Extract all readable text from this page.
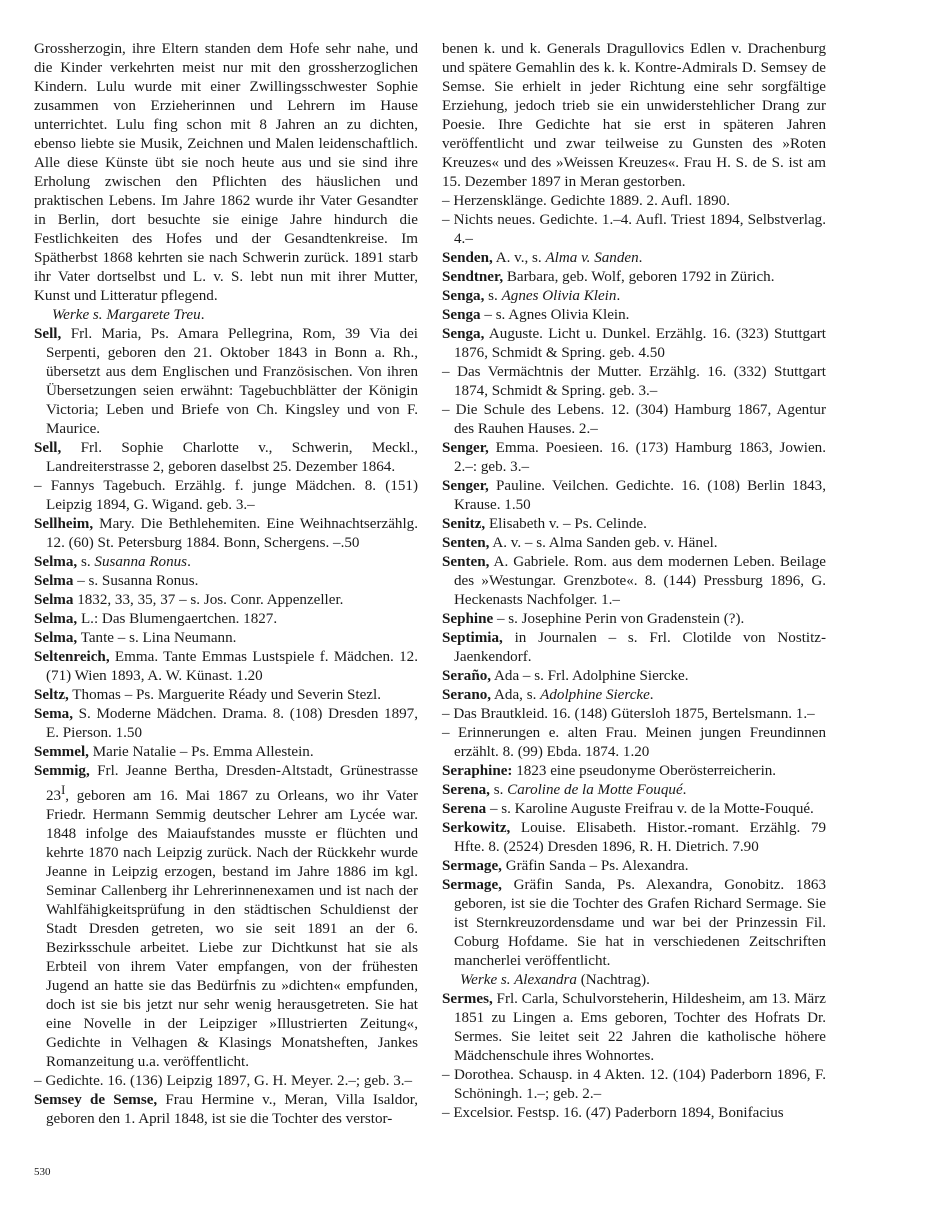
Grossherzogin, ihre Eltern standen dem Hofe sehr nahe, und die Kinder verkehrten meist nur mit den grossherzoglichen Kindern. Lulu wurde mit einer Zwillingsschwester Sophie zusammen von Erzieherinnen und Lehrern im Hause unterrichtet. Lulu fing schon mit 8 Jahren an zu dichten, ebenso liebte sie Musik, Zeichnen und Malen leidenschaftlich. Alle diese Künste übt sie noch heute aus und sie sind ihre Erholung zwischen den Pflichten des häuslichen und praktischen Lebens. Im Jahre 1862 wurde ihr Vater Gesandter in Berlin, dort besuchte sie einige Jahre hindurch die Festlichkeiten des Hofes und der Gesandtenkreise. Im Spätherbst 1868 kehrten sie nach Schwerin zurück. 1891 starb ihr Vater dortselbst und L. v. S. lebt nun mit ihrer Mutter, Kunst und Litteratur pflegend.

Werke s. Margarete Treu.

Sell, Frl. Maria, Ps. Amara Pellegrina, Rom, 39 Via dei Serpenti, geboren den 21. Oktober 1843 in Bonn a. Rh., übersetzt aus dem Englischen und Französischen. Von ihren Übersetzungen seien erwähnt: Tagebuchblätter der Königin Victoria; Leben und Briefe von Ch. Kingsley und von F. Maurice.

Sell, Frl. Sophie Charlotte v., Schwerin, Meckl., Landreiterstrasse 2, geboren daselbst 25. Dezember 1864.

– Fannys Tagebuch. Erzählg. f. junge Mädchen. 8. (151) Leipzig 1894, G. Wigand. geb. 3.–

Sellheim, Mary. Die Bethlehemiten. Eine Weihnachtserzählg. 12. (60) St. Petersburg 1884. Bonn, Schergens. –.50

Selma, s. Susanna Ronus.

Selma – s. Susanna Ronus.

Selma 1832, 33, 35, 37 – s. Jos. Conr. Appenzeller.

Selma, L.: Das Blumengaertchen. 1827.

Selma, Tante – s. Lina Neumann.

Seltenreich, Emma. Tante Emmas Lustspiele f. Mädchen. 12. (71) Wien 1893, A. W. Künast. 1.20

Seltz, Thomas – Ps. Marguerite Réady und Severin Stezl.

Sema, S. Moderne Mädchen. Drama. 8. (108) Dresden 1897, E. Pierson. 1.50

Semmel, Marie Natalie – Ps. Emma Allestein.

Semmig, Frl. Jeanne Bertha, Dresden-Altstadt, Grünestrasse $23^I$, geboren am 16. Mai 1867 zu Orleans, wo ihr Vater Friedr. Hermann Semmig deutscher Lehrer am Lycée war. 1848 infolge des Maiaufstandes musste er flüchten und kehrte 1870 nach Leipzig zurück. Nach der Rückkehr wurde Jeanne in Leipzig erzogen, bestand im Jahre 1886 im kgl. Seminar Callenberg ihr Lehrerinnenexamen und ist nach der Wahlfähigkeitsprüfung in den städtischen Schuldienst der Stadt Dresden getreten, wo sie seit 1891 an der 6. Bezirksschule arbeitet. Liebe zur Dichtkunst hat sie als Erbteil von ihrem Vater empfangen, von der frühesten Jugend an hatte sie das Bedürfnis zu »dichten« empfunden, doch ist sie bis jetzt nur sehr wenig herausgetreten. Sie hat eine Novelle in der Leipziger »Illustrierten Zeitung«, Gedichte in Velhagen & Klasings Monatsheften, Jankes Romanzeitung u.a. veröffentlicht.

– Gedichte. 16. (136) Leipzig 1897, G. H. Meyer. 2.–; geb. 3.–

Semsey de Semse, Frau Hermine v., Meran, Villa Isaldor, geboren den 1. April 1848, ist sie die Tochter des verstor-

benen k. und k. Generals Dragullovics Edlen v. Drachenburg und spätere Gemahlin des k. k. Kontre-Admirals D. Semsey de Semse. Sie erhielt in jeder Richtung eine sehr sorgfältige Erziehung, jedoch trieb sie ein unwiderstehlicher Drang zur Poesie. Ihre Gedichte hat sie erst in späteren Jahren veröffentlicht und zwar teilweise zu Gunsten des »Roten Kreuzes« und des »Weissen Kreuzes«. Frau H. S. de S. ist am 15. Dezember 1897 in Meran gestorben.

– Herzensklänge. Gedichte 1889. 2. Aufl. 1890.

– Nichts neues. Gedichte. 1.–4. Aufl. Triest 1894, Selbstverlag. 4.–

Senden, A. v., s. Alma v. Sanden.

Sendtner, Barbara, geb. Wolf, geboren 1792 in Zürich.

Senga, s. Agnes Olivia Klein.

Senga – s. Agnes Olivia Klein.

Senga, Auguste. Licht u. Dunkel. Erzählg. 16. (323) Stuttgart 1876, Schmidt & Spring. geb. 4.50

– Das Vermächtnis der Mutter. Erzählg. 16. (332) Stuttgart 1874, Schmidt & Spring. geb. 3.–

– Die Schule des Lebens. 12. (304) Hamburg 1867, Agentur des Rauhen Hauses. 2.–

Senger, Emma. Poesieen. 16. (173) Hamburg 1863, Jowien. 2.–: geb. 3.–

Senger, Pauline. Veilchen. Gedichte. 16. (108) Berlin 1843, Krause. 1.50

Senitz, Elisabeth v. – Ps. Celinde.

Senten, A. v. – s. Alma Sanden geb. v. Hänel.

Senten, A. Gabriele. Rom. aus dem modernen Leben. Beilage des »Westungar. Grenzbote«. 8. (144) Pressburg 1896, G. Heckenasts Nachfolger. 1.–

Sephine – s. Josephine Perin von Gradenstein (?).

Septimia, in Journalen – s. Frl. Clotilde von Nostitz-Jaenkendorf.

Seraño, Ada – s. Frl. Adolphine Siercke.

Serano, Ada, s. Adolphine Siercke.

– Das Brautkleid. 16. (148) Gütersloh 1875, Bertelsmann. 1.–

– Erinnerungen e. alten Frau. Meinen jungen Freundinnen erzählt. 8. (99) Ebda. 1874. 1.20

Seraphine: 1823 eine pseudonyme Oberösterreicherin.

Serena, s. Caroline de la Motte Fouqué.

Serena – s. Karoline Auguste Freifrau v. de la Motte-Fouqué.

Serkowitz, Louise. Elisabeth. Histor.-romant. Erzählg. 79 Hfte. 8. (2524) Dresden 1896, R. H. Dietrich. 7.90

Sermage, Gräfin Sanda – Ps. Alexandra.

Sermage, Gräfin Sanda, Ps. Alexandra, Gonobitz. 1863 geboren, ist sie die Tochter des Grafen Richard Sermage. Sie ist Sternkreuzordensdame und war bei der Prinzessin Fil. Coburg Hofdame. Sie hat in verschiedenen Zeitschriften mancherlei veröffentlicht.

Werke s. Alexandra (Nachtrag).

Sermes, Frl. Carla, Schulvorsteherin, Hildesheim, am 13. März 1851 zu Lingen a. Ems geboren, Tochter des Hofrats Dr. Sermes. Sie leitet seit 22 Jahren die katholische höhere Mädchenschule ihres Wohnortes.

– Dorothea. Schausp. in 4 Akten. 12. (104) Paderborn 1896, F. Schöningh. 1.–; geb. 2.–

– Excelsior. Festsp. 16. (47) Paderborn 1894, Bonifacius

530
